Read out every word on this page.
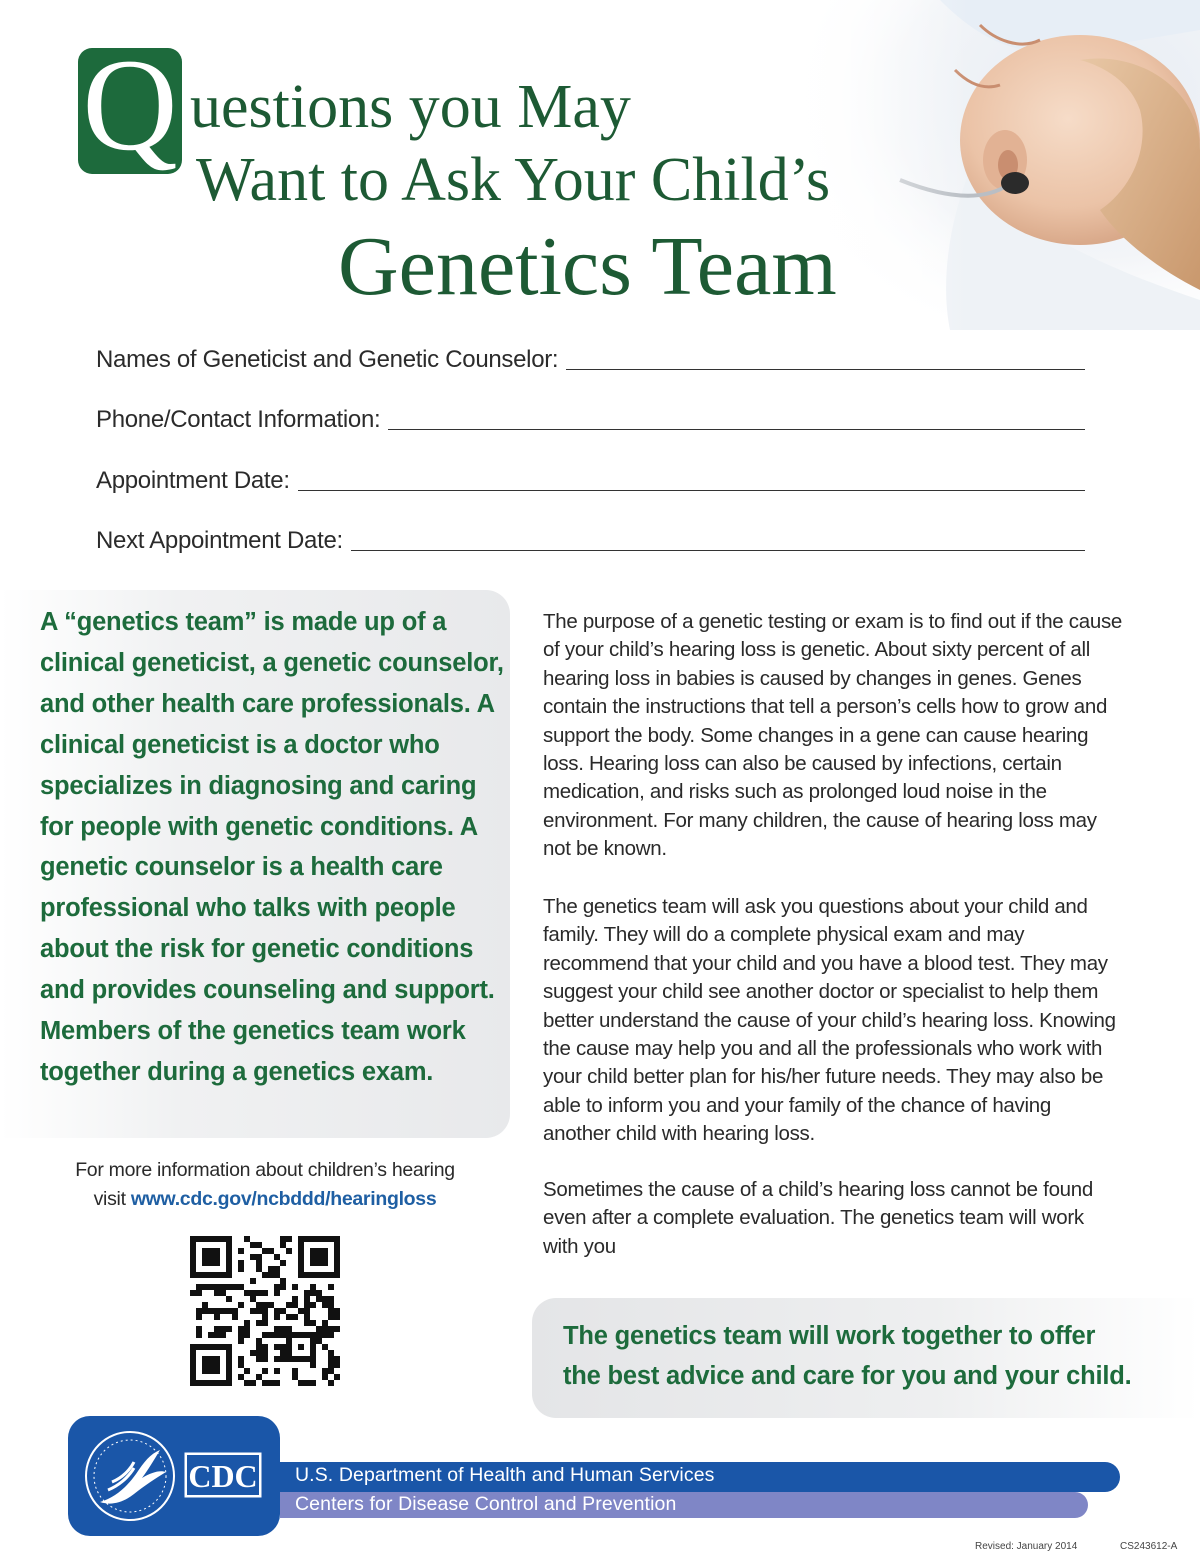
Q uestions you May
Want to Ask Your Child’s
Genetics Team
Names of Geneticist and Genetic Counselor:
Phone/Contact Information:
Appointment Date:
Next Appointment Date:
A “genetics team” is made up of a clinical geneticist, a genetic counselor, and other health care professionals. A clinical geneticist is a doctor who specializes in diagnosing and caring for people with genetic conditions. A genetic counselor is a health care professional who talks with people about the risk for genetic conditions and provides counseling and support. Members of the genetics team work together during a genetics exam.
The purpose of a genetic testing or exam is to find out if the cause of your child’s hearing loss is genetic. About sixty percent of all hearing loss in babies is caused by changes in genes. Genes contain the instructions that tell a person’s cells how to grow and support the body. Some changes in a gene can cause hearing loss. Hearing loss can also be caused by infections, certain medication, and risks such as prolonged loud noise in the environment. For many children, the cause of hearing loss may not be known.
The genetics team will ask you questions about your child and family. They will do a complete physical exam and may recommend that your child and you have a blood test. They may suggest your child see another doctor or specialist to help them better understand the cause of your child’s hearing loss. Knowing the cause may help you and all the professionals who work with your child better plan for his/her future needs. They may also be able to inform you and your family of the chance of having another child with hearing loss.
Sometimes the cause of a child’s hearing loss cannot be found even after a complete evaluation. The genetics team will work with you
The genetics team will work together to offer
the best advice and care for you and your child.
For more information about children’s hearing
visit www.cdc.gov/ncbddd/hearingloss
CDC U.S. Department of Health and Human Services
Centers for Disease Control and Prevention
Revised: January 2014	CS243612-A
